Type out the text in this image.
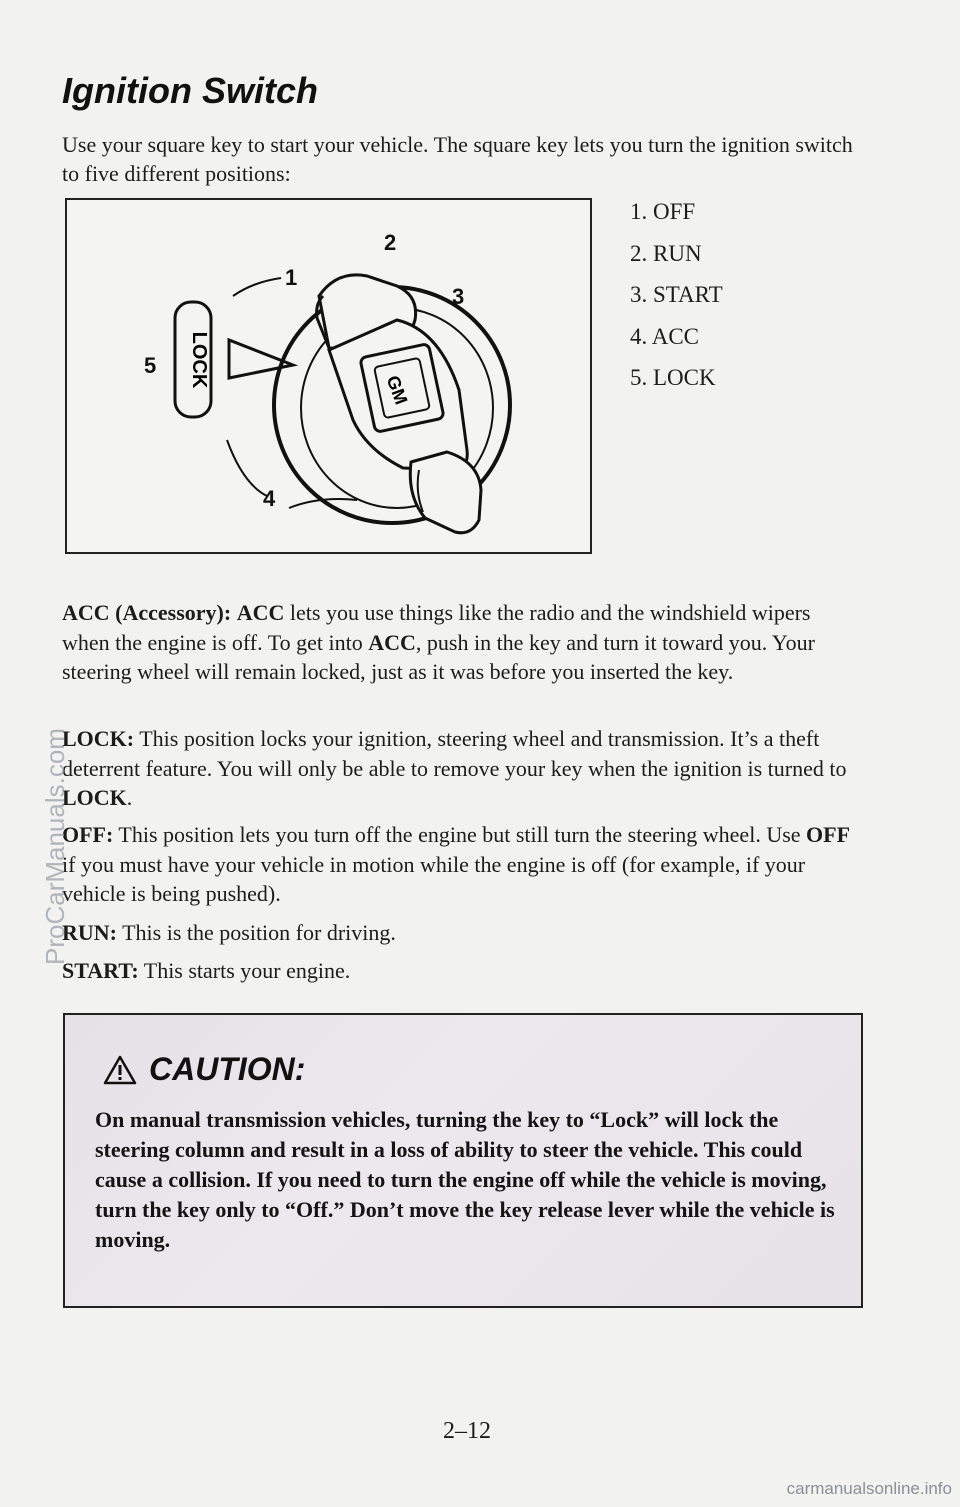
Ignition Switch

Use your square key to start your vehicle. The square key lets you turn the ignition switch to five different positions:

LOCK
GM
2
1
3
5
4
1. OFF
2. RUN
3. START
4. ACC
5. LOCK

ACC (Accessory): ACC lets you use things like the radio and the windshield wipers when the engine is off. To get into ACC, push in the key and turn it toward you. Your steering wheel will remain locked, just as it was before you inserted the key.

LOCK: This position locks your ignition, steering wheel and transmission. It’s a theft deterrent feature. You will only be able to remove your key when the ignition is turned to LOCK.

OFF: This position lets you turn off the engine but still turn the steering wheel. Use OFF if you must have your vehicle in motion while the engine is off (for example, if your vehicle is being pushed).

RUN: This is the position for driving.

START: This starts your engine.

CAUTION:

On manual transmission vehicles, turning the key to “Lock” will lock the steering column and result in a loss of ability to steer the vehicle. This could cause a collision. If you need to turn the engine off while the vehicle is moving, turn the key only to “Off.” Don’t move the key release lever while the vehicle is moving.

2–12
ProCarManuals.com
carmanualsonline.info
